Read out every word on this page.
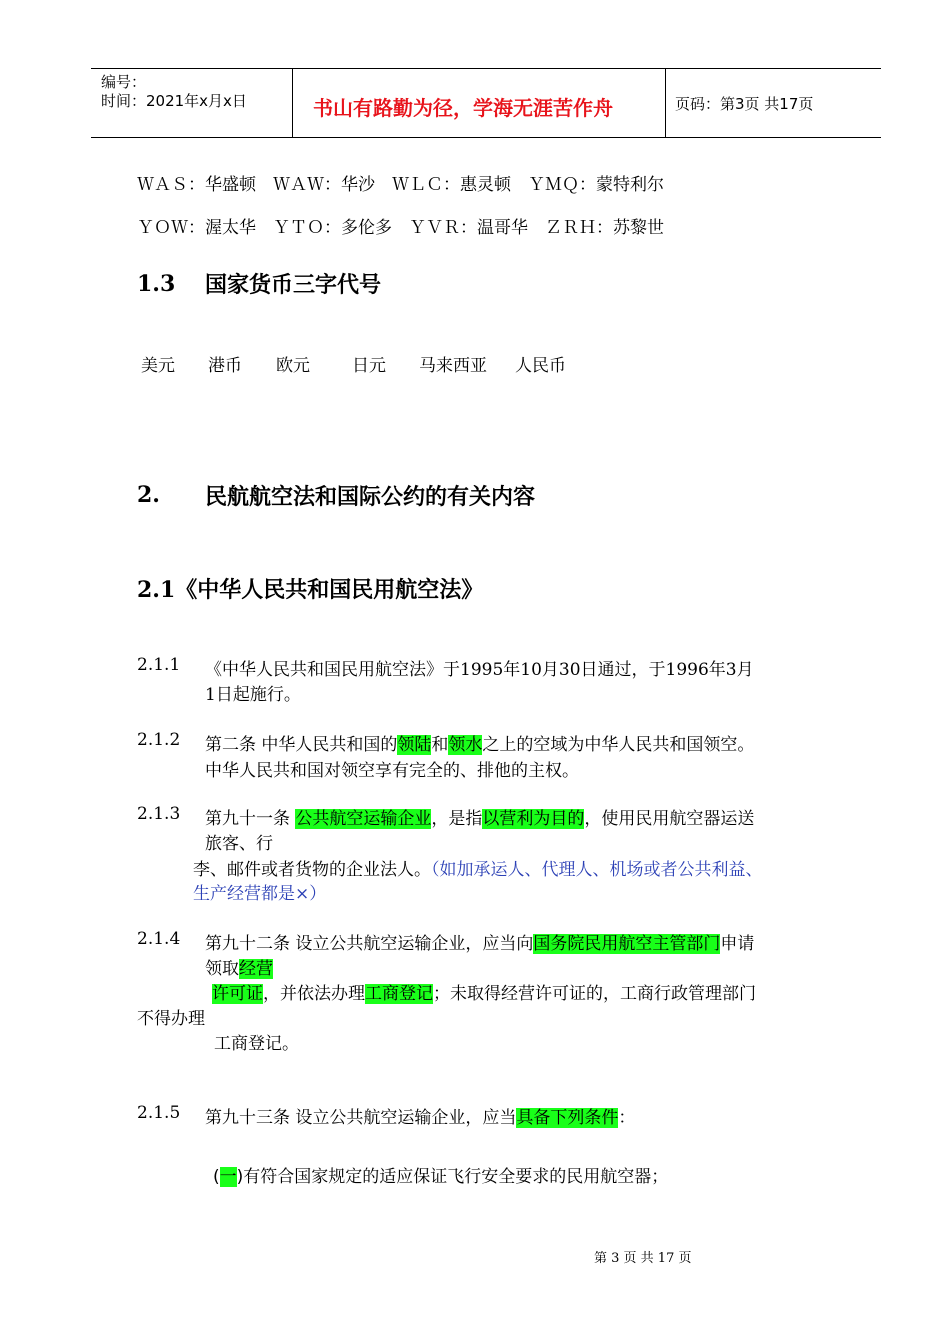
编号：
时间：2021年x月x日	书山有路勤为径，学海无涯苦作舟	页码：第3页 共17页
ＷＡＳ：华盛顿　ＷＡＷ：华沙　ＷＬＣ：惠灵顿　ＹＭＱ：蒙特利尔
ＹＯＷ：渥太华　ＹＴＯ：多伦多　ＹＶＲ：温哥华　ＺＲＨ：苏黎世
1.3 国家货币三字代号
美元 港币 欧元 日元 马来西亚 人民币
2. 民航航空法和国际公约的有关内容
2.1《中华人民共和国民用航空法》
2.1.1 《中华人民共和国民用航空法》于1995年10月30日通过，于1996年3月
1日起施行。
2.1.2 第二条 中华人民共和国的领陆和领水之上的空域为中华人民共和国领空。
中华人民共和国对领空享有完全的、排他的主权。
2.1.3 第九十一条 公共航空运输企业，是指以营利为目的，使用民用航空器运送
旅客、行
李、邮件或者货物的企业法人。（如加承运人、代理人、机场或者公共利益、
生产经营都是×）
2.1.4 第九十二条 设立公共航空运输企业，应当向国务院民用航空主管部门申请
领取经营
许可证，并依法办理工商登记；未取得经营许可证的，工商行政管理部门
不得办理
工商登记。
2.1.5 第九十三条 设立公共航空运输企业，应当具备下列条件：
(一)有符合国家规定的适应保证飞行安全要求的民用航空器；
第 3 页 共 17 页
